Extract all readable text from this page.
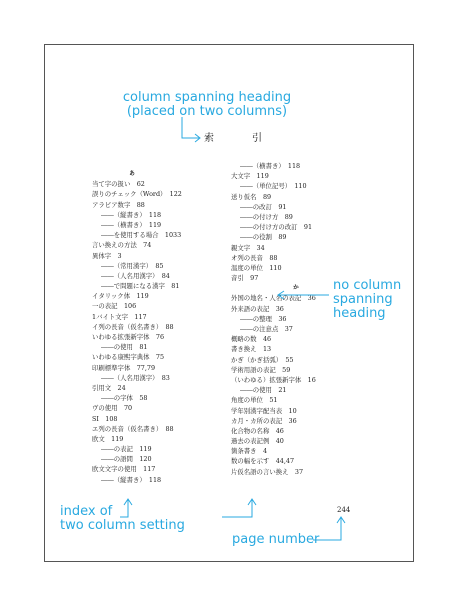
column spanning heading
(placed on two columns)
索　引
あ
当て字の扱い　62
誤りのチェック（Word）　122
アラビア数字　88
――（縦書き）　118
――（横書き）　119
――を使用する場合　1033
言い換えの方法　74
異体字　3
――（常用漢字）　85
――（人名用漢字）　84
――で問題になる漢字　81
イタリック体　119
一の表記　106
1バイト文字　117
イ列の長音（仮名書き）　88
いわゆる拡張新字体　76
――の使用　81
いわゆる康熙字典体　75
印刷標準字体　77,79
――（人名用漢字）　83
引用文　24
――の字体　58
ヴの使用　70
SI　108
エ列の長音（仮名書き）　88
欧文　119
――の表記　119
――の語間　120
欧文文字の使用　117
――（縦書き）　118
――（横書き）　118
大文字　119
――（単位記号）　110
送り仮名　89
――の改訂　91
――の付け方　89
――の付け方の改訂　91
――の役割　89
親文字　34
オ列の長音　88
温度の単位　110
音引　97
か
外国の地名・人名の表記　36
外来語の表記　36
――の整理　36
――の注意点　37
概略の数　46
書き換え　13
かぎ（かぎ括弧）　55
学術用語の表記　59
（いわゆる）拡張新字体　16
――の使用　21
角度の単位　51
学年別漢字配当表　10
カ月・カ所の表記　36
化合物の名称　46
過去の表記例　40
箇条書き　4
数の幅を示す　44,47
片仮名語の言い換え　37
244
no column
spanning
heading
index of
two column setting
page number
